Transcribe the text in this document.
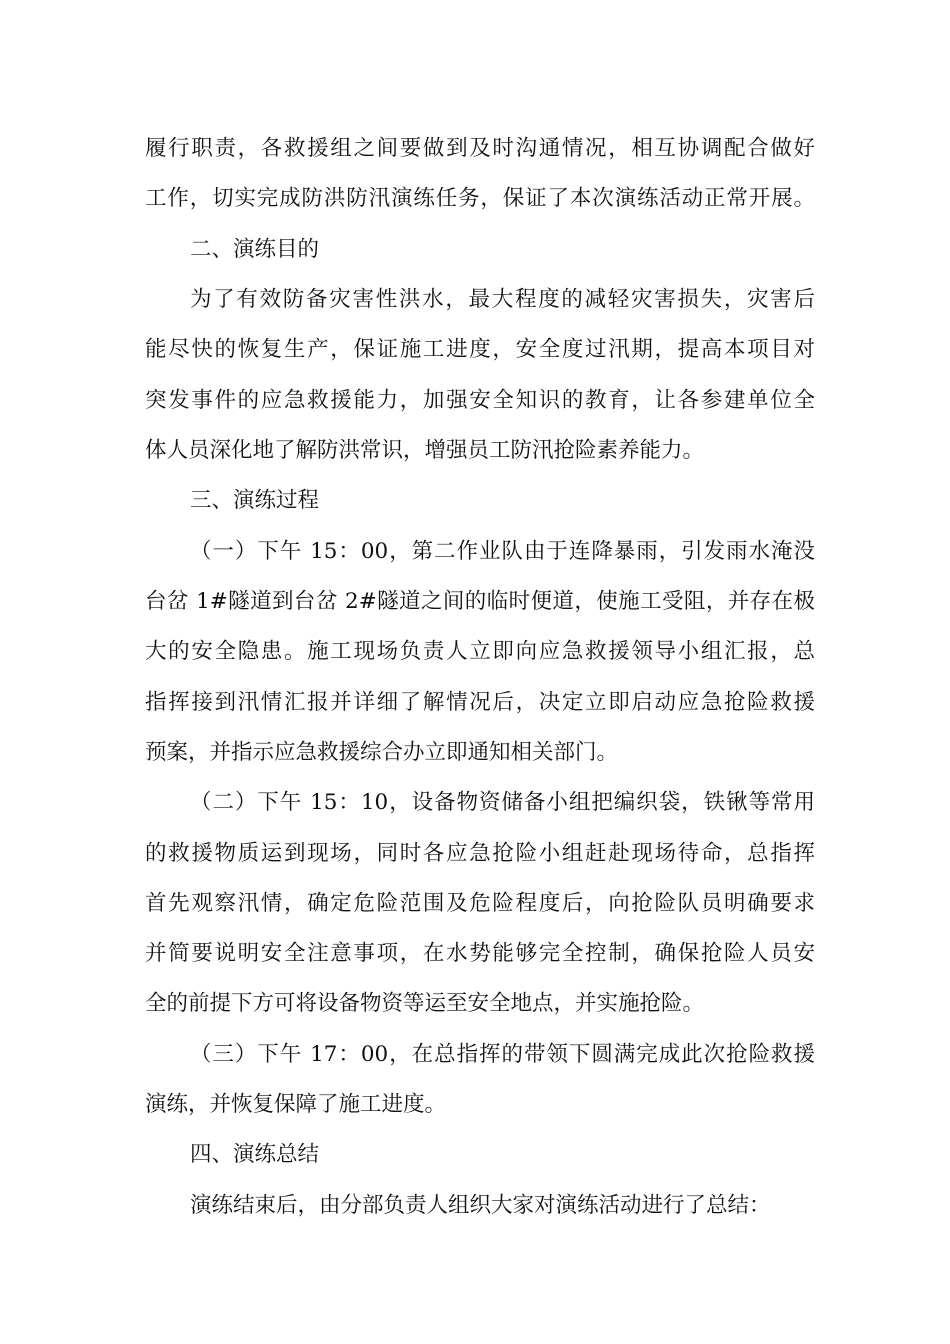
履行职责，各救援组之间要做到及时沟通情况，相互协调配合做好
工作，切实完成防洪防汛演练任务，保证了本次演练活动正常开展。
二、演练目的
为了有效防备灾害性洪水，最大程度的减轻灾害损失，灾害后
能尽快的恢复生产，保证施工进度，安全度过汛期，提高本项目对
突发事件的应急救援能力，加强安全知识的教育，让各参建单位全
体人员深化地了解防洪常识，增强员工防汛抢险素养能力。
三、演练过程
（一）下午 15：00，第二作业队由于连降暴雨，引发雨水淹没
台岔 1#隧道到台岔 2#隧道之间的临时便道，使施工受阻，并存在极
大的安全隐患。施工现场负责人立即向应急救援领导小组汇报，总
指挥接到汛情汇报并详细了解情况后，决定立即启动应急抢险救援
预案，并指示应急救援综合办立即通知相关部门。
（二）下午 15：10，设备物资储备小组把编织袋，铁锹等常用
的救援物质运到现场，同时各应急抢险小组赶赴现场待命，总指挥
首先观察汛情，确定危险范围及危险程度后，向抢险队员明确要求
并简要说明安全注意事项，在水势能够完全控制，确保抢险人员安
全的前提下方可将设备物资等运至安全地点，并实施抢险。
（三）下午 17：00，在总指挥的带领下圆满完成此次抢险救援
演练，并恢复保障了施工进度。
四、演练总结
演练结束后，由分部负责人组织大家对演练活动进行了总结：
